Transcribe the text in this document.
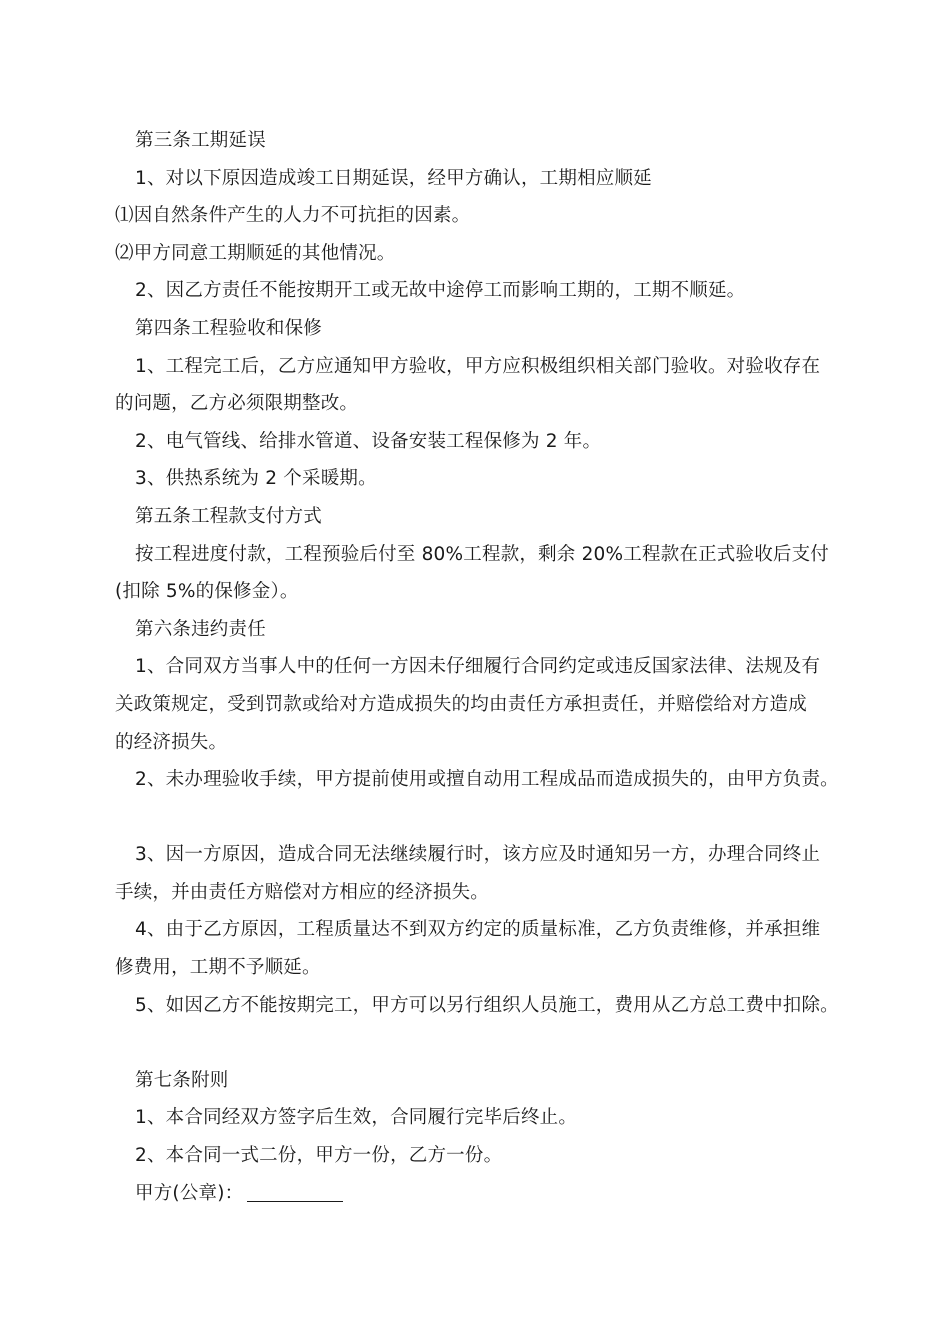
第三条工期延误
1、对以下原因造成竣工日期延误，经甲方确认，工期相应顺延
⑴因自然条件产生的人力不可抗拒的因素。
⑵甲方同意工期顺延的其他情况。
2、因乙方责任不能按期开工或无故中途停工而影响工期的，工期不顺延。
第四条工程验收和保修
1、工程完工后，乙方应通知甲方验收，甲方应积极组织相关部门验收。对验收存在
的问题，乙方必须限期整改。
2、电气管线、给排水管道、设备安装工程保修为 2 年。
3、供热系统为 2 个采暖期。
第五条工程款支付方式
按工程进度付款，工程预验后付至 80%工程款，剩余 20%工程款在正式验收后支付
(扣除 5%的保修金）。
第六条违约责任
1、合同双方当事人中的任何一方因未仔细履行合同约定或违反国家法律、法规及有
关政策规定，受到罚款或给对方造成损失的均由责任方承担责任，并赔偿给对方造成
的经济损失。
2、未办理验收手续，甲方提前使用或擅自动用工程成品而造成损失的，由甲方负责。
3、因一方原因，造成合同无法继续履行时，该方应及时通知另一方，办理合同终止
手续，并由责任方赔偿对方相应的经济损失。
4、由于乙方原因，工程质量达不到双方约定的质量标准，乙方负责维修，并承担维
修费用，工期不予顺延。
5、如因乙方不能按期完工，甲方可以另行组织人员施工，费用从乙方总工费中扣除。
第七条附则
1、本合同经双方签字后生效，合同履行完毕后终止。
2、本合同一式二份，甲方一份，乙方一份。
甲方(公章)：
